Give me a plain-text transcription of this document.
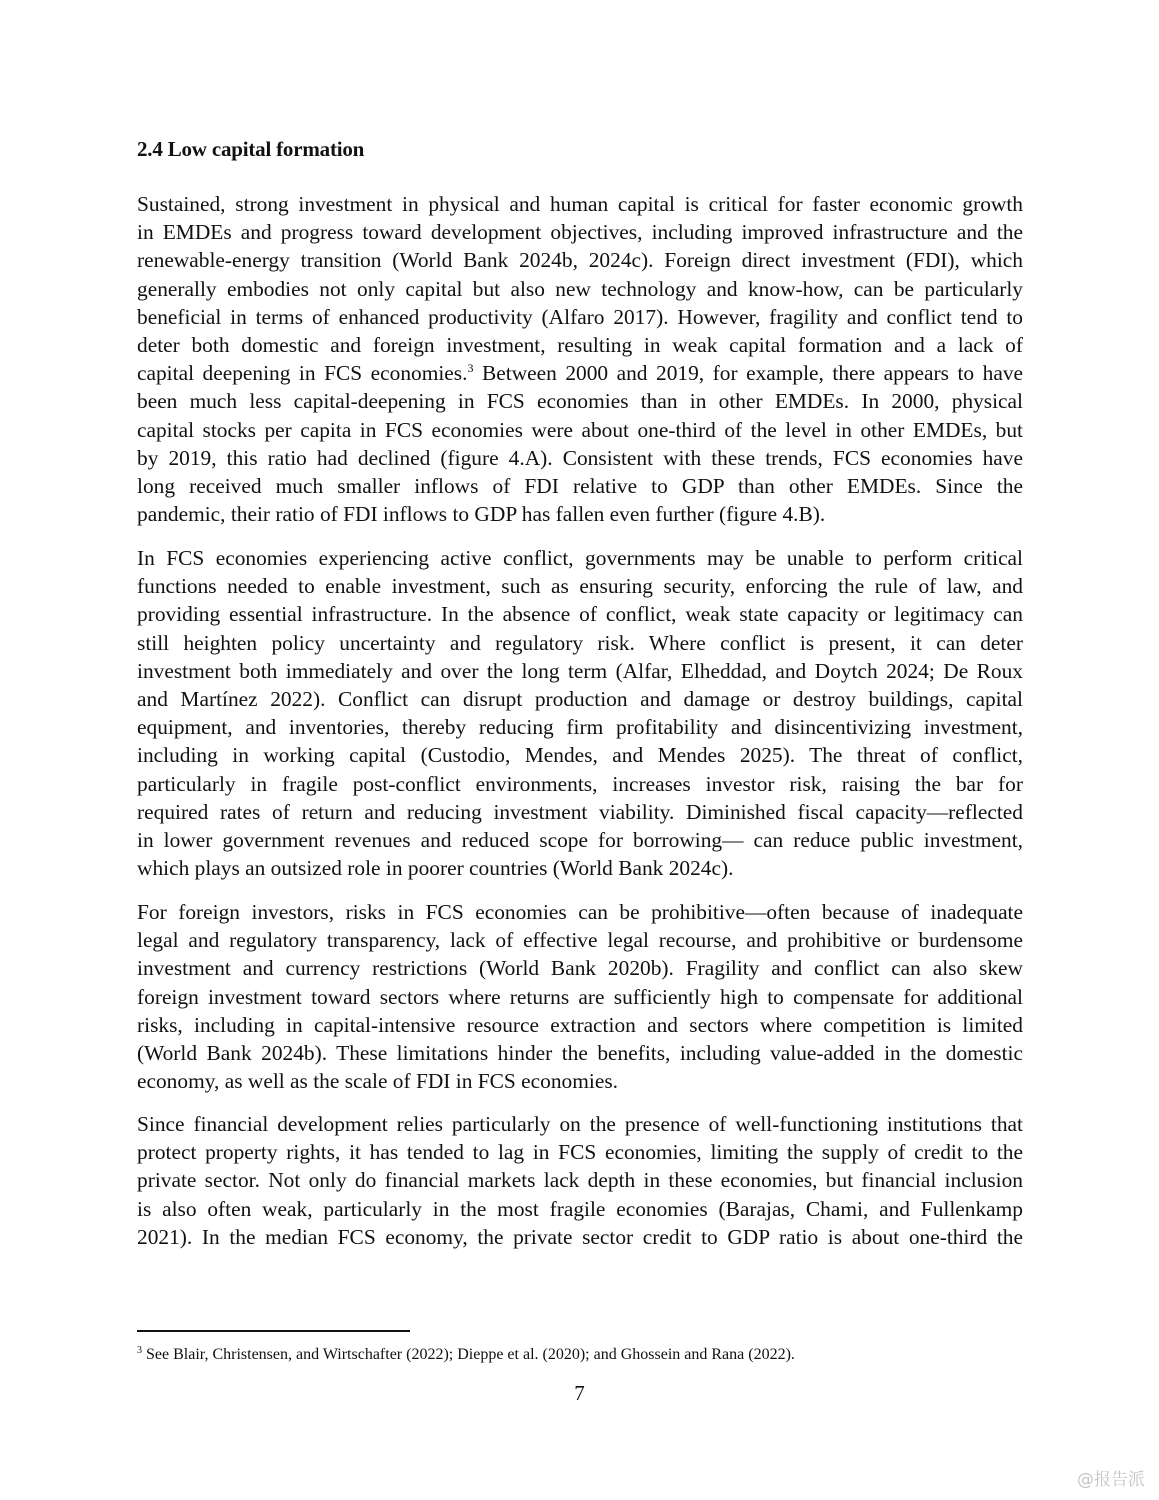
2.4 Low capital formation
Sustained, strong investment in physical and human capital is critical for faster economic growth
in EMDEs and progress toward development objectives, including improved infrastructure and the
renewable-energy transition (World Bank 2024b, 2024c). Foreign direct investment (FDI), which
generally embodies not only capital but also new technology and know-how, can be particularly
beneficial in terms of enhanced productivity (Alfaro 2017). However, fragility and conflict tend to
deter both domestic and foreign investment, resulting in weak capital formation and a lack of
capital deepening in FCS economies.$^3$ Between 2000 and 2019, for example, there appears to have
been much less capital-deepening in FCS economies than in other EMDEs. In 2000, physical
capital stocks per capita in FCS economies were about one-third of the level in other EMDEs, but
by 2019, this ratio had declined (figure 4.A). Consistent with these trends, FCS economies have
long received much smaller inflows of FDI relative to GDP than other EMDEs. Since the
pandemic, their ratio of FDI inflows to GDP has fallen even further (figure 4.B).
In FCS economies experiencing active conflict, governments may be unable to perform critical
functions needed to enable investment, such as ensuring security, enforcing the rule of law, and
providing essential infrastructure. In the absence of conflict, weak state capacity or legitimacy can
still heighten policy uncertainty and regulatory risk. Where conflict is present, it can deter
investment both immediately and over the long term (Alfar, Elheddad, and Doytch 2024; De Roux
and Martínez 2022). Conflict can disrupt production and damage or destroy buildings, capital
equipment, and inventories, thereby reducing firm profitability and disincentivizing investment,
including in working capital (Custodio, Mendes, and Mendes 2025). The threat of conflict,
particularly in fragile post-conflict environments, increases investor risk, raising the bar for
required rates of return and reducing investment viability. Diminished fiscal capacity—reflected
in lower government revenues and reduced scope for borrowing— can reduce public investment,
which plays an outsized role in poorer countries (World Bank 2024c).
For foreign investors, risks in FCS economies can be prohibitive—often because of inadequate
legal and regulatory transparency, lack of effective legal recourse, and prohibitive or burdensome
investment and currency restrictions (World Bank 2020b). Fragility and conflict can also skew
foreign investment toward sectors where returns are sufficiently high to compensate for additional
risks, including in capital-intensive resource extraction and sectors where competition is limited
(World Bank 2024b). These limitations hinder the benefits, including value-added in the domestic
economy, as well as the scale of FDI in FCS economies.
Since financial development relies particularly on the presence of well-functioning institutions that
protect property rights, it has tended to lag in FCS economies, limiting the supply of credit to the
private sector. Not only do financial markets lack depth in these economies, but financial inclusion
is also often weak, particularly in the most fragile economies (Barajas, Chami, and Fullenkamp
2021). In the median FCS economy, the private sector credit to GDP ratio is about one-third the
$^3$ See Blair, Christensen, and Wirtschafter (2022); Dieppe et al. (2020); and Ghossein and Rana (2022).
7
@报告派
